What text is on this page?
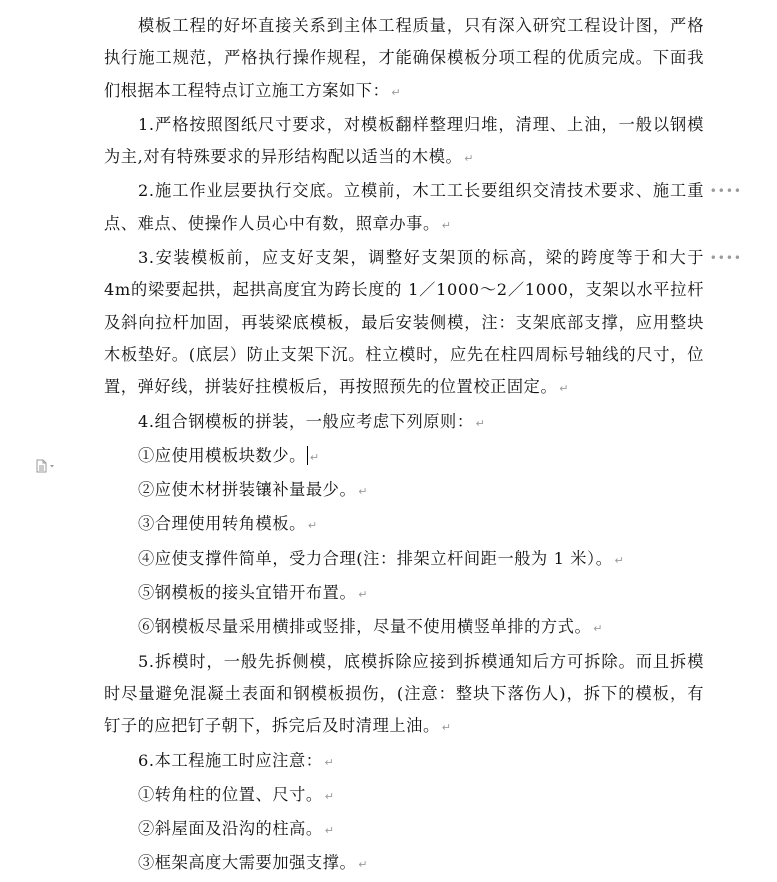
模板工程的好坏直接关系到主体工程质量，只有深入研究工程设计图，严格执行施工规范，严格执行操作规程，才能确保模板分项工程的优质完成。下面我们根据本工程特点订立施工方案如下： ↵

1.严格按照图纸尺寸要求，对模板翻样整理归堆，清理、上油，一般以钢模为主,对有特殊要求的异形结构配以适当的木模。 ↵

2.施工作业层要执行交底。立模前，木工工长要组织交清技术要求、施工重点、难点、使操作人员心中有数，照章办事。 ↵
••••

3.安装模板前，应支好支架，调整好支架顶的标高，梁的跨度等于和大于 4m的梁要起拱，起拱高度宜为跨长度的 1／1000～2／1000，支架以水平拉杆及斜向拉杆加固，再装梁底模板，最后安装侧模，注：支架底部支撑，应用整块木板垫好。(底层）防止支架下沉。柱立模时，应先在柱四周标号轴线的尺寸，位置，弹好线，拼装好拄模板后，再按照预先的位置校正固定。 ↵
••••

4.组合钢模板的拼装，一般应考虑下列原则： ↵

①应使用模板块数少。 ↵

②应使木材拼装镶补量最少。 ↵

③合理使用转角模板。 ↵

④应使支撑件简单，受力合理(注：排架立杆间距一般为 1 米）。 ↵

⑤钢模板的接头宜错开布置。 ↵

⑥钢模板尽量采用横排或竖排，尽量不使用横竖单排的方式。 ↵

5.拆模时，一般先拆侧模，底模拆除应接到拆模通知后方可拆除。而且拆模时尽量避免混凝土表面和钢模板损伤，(注意：整块下落伤人)，拆下的模板，有钉子的应把钉子朝下，拆完后及时清理上油。 ↵

6.本工程施工时应注意： ↵

①转角柱的位置、尺寸。 ↵

②斜屋面及沿沟的柱高。 ↵

③框架高度大需要加强支撑。 ↵
